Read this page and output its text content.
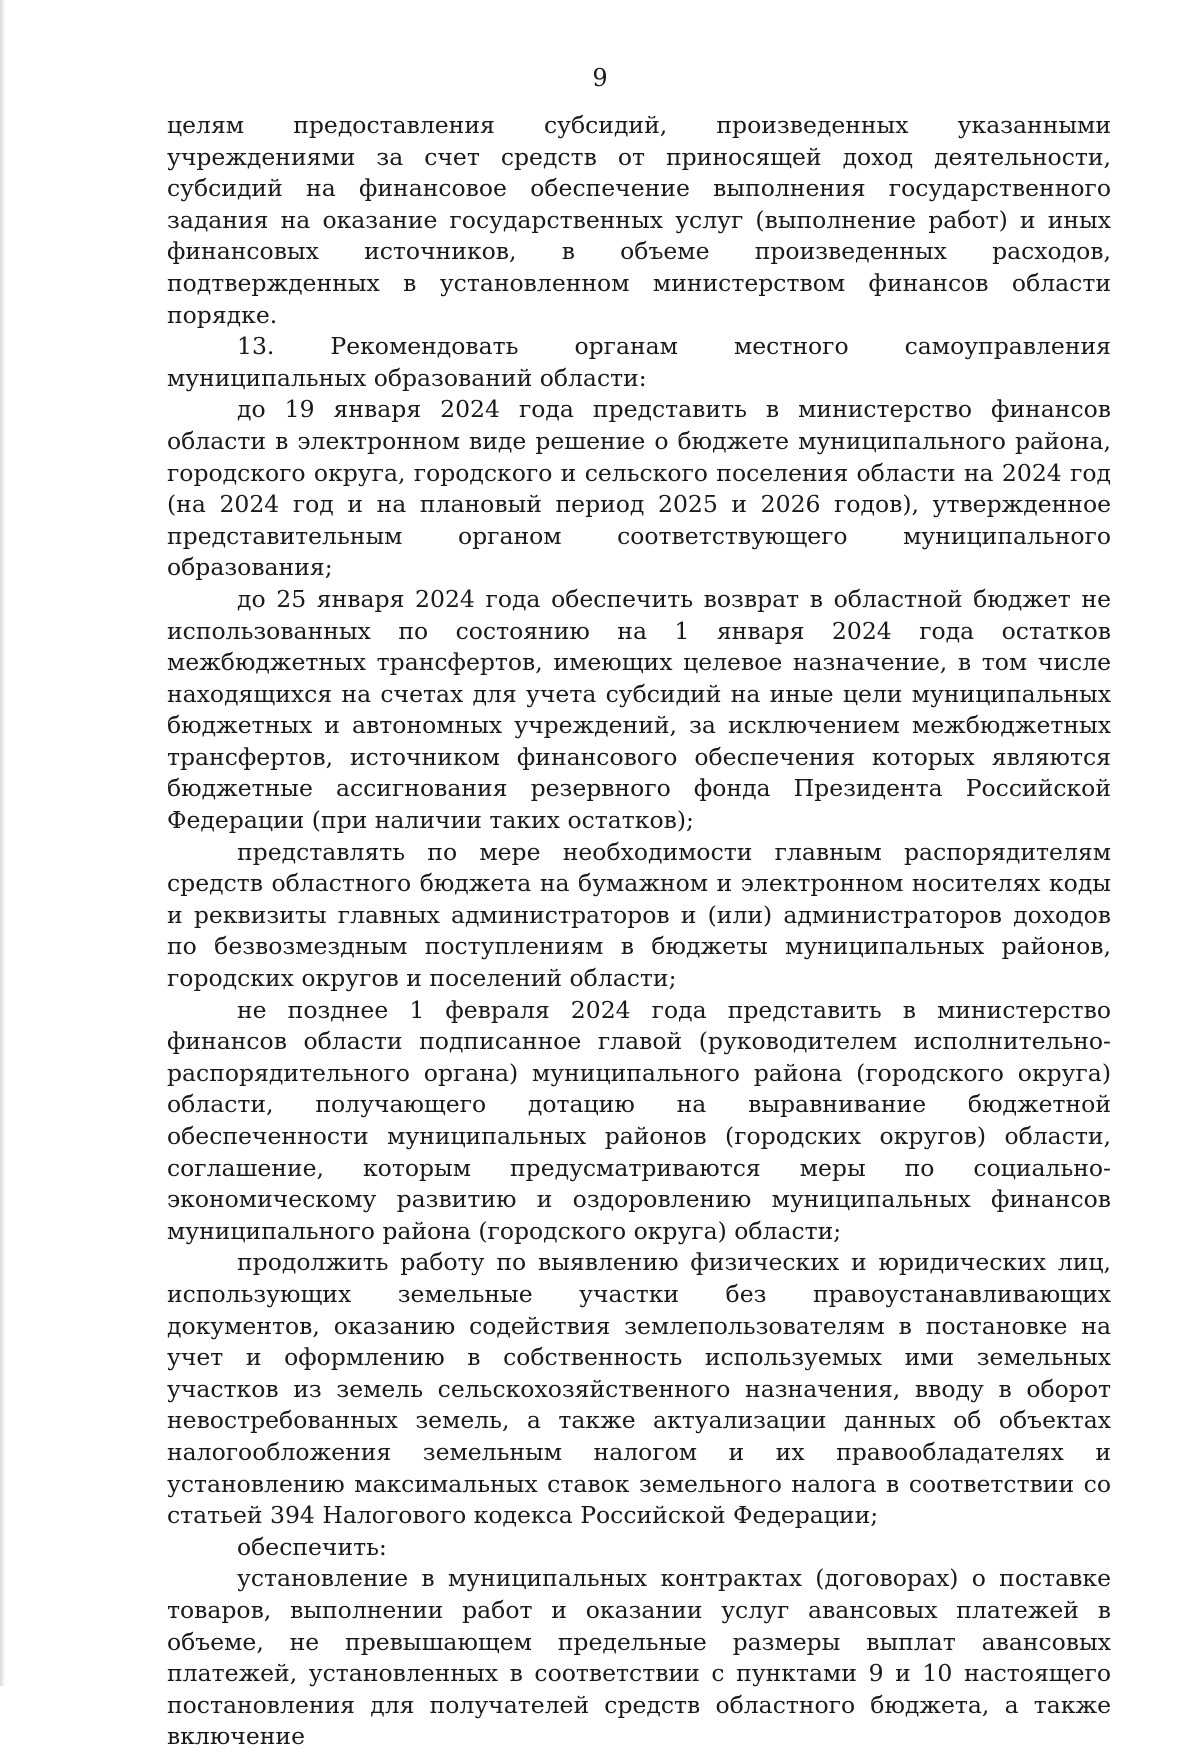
9

целям предоставления субсидий, произведенных указанными учреждениями за счет средств от приносящей доход деятельности, субсидий на финансовое обеспечение выполнения государственного задания на оказание государственных услуг (выполнение работ) и иных финансовых источников, в объеме произведенных расходов, подтвержденных в установленном министерством финансов области порядке.

13. Рекомендовать органам местного самоуправления муниципальных образований области:

до 19 января 2024 года представить в министерство финансов области в электронном виде решение о бюджете муниципального района, городского округа, городского и сельского поселения области на 2024 год (на 2024 год и на плановый период 2025 и 2026 годов), утвержденное представительным органом соответствующего муниципального образования;

до 25 января 2024 года обеспечить возврат в областной бюджет не использованных по состоянию на 1 января 2024 года остатков межбюджетных трансфертов, имеющих целевое назначение, в том числе находящихся на счетах для учета субсидий на иные цели муниципальных бюджетных и автономных учреждений, за исключением межбюджетных трансфертов, источником финансового обеспечения которых являются бюджетные ассигнования резервного фонда Президента Российской Федерации (при наличии таких остатков);

представлять по мере необходимости главным распорядителям средств областного бюджета на бумажном и электронном носителях коды и реквизиты главных администраторов и (или) администраторов доходов по безвозмездным поступлениям в бюджеты муниципальных районов, городских округов и поселений области;

не позднее 1 февраля 2024 года представить в министерство финансов области подписанное главой (руководителем исполнительно-распорядительного органа) муниципального района (городского округа) области, получающего дотацию на выравнивание бюджетной обеспеченности муниципальных районов (городских округов) области, соглашение, которым предусматриваются меры по социально-экономическому развитию и оздоровлению муниципальных финансов муниципального района (городского округа) области;

продолжить работу по выявлению физических и юридических лиц, использующих земельные участки без правоустанавливающих документов, оказанию содействия землепользователям в постановке на учет и оформлению в собственность используемых ими земельных участков из земель сельскохозяйственного назначения, вводу в оборот невостребованных земель, а также актуализации данных об объектах налогообложения земельным налогом и их правообладателях и установлению максимальных ставок земельного налога в соответствии со статьей 394 Налогового кодекса Российской Федерации;

обеспечить:

установление в муниципальных контрактах (договорах) о поставке товаров, выполнении работ и оказании услуг авансовых платежей в объеме, не превышающем предельные размеры выплат авансовых платежей, установленных в соответствии с пунктами 9 и 10 настоящего постановления для получателей средств областного бюджета, а также включение
